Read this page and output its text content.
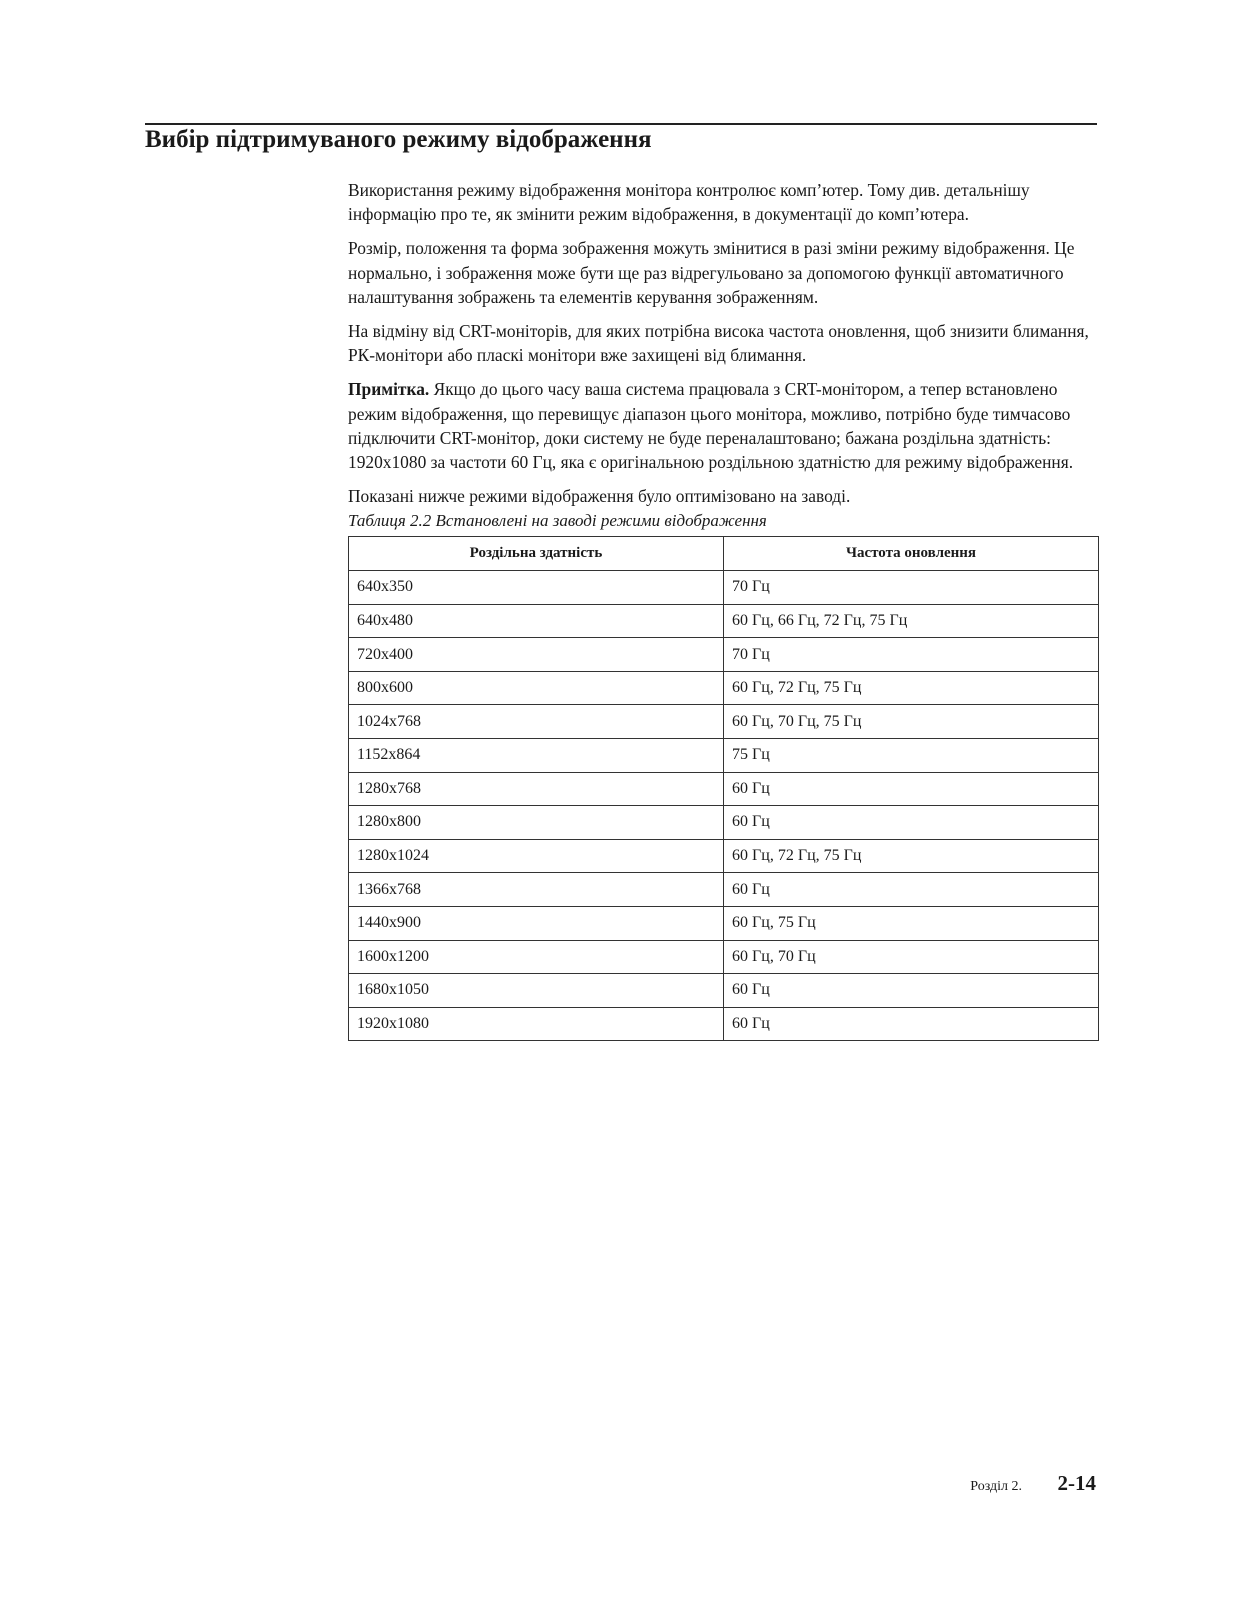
Вибір підтримуваного режиму відображення

Використання режиму відображення монітора контролює комп’ютер. Тому див. детальнішу інформацію про те, як змінити режим відображення, в документації до комп’ютера.

Розмір, положення та форма зображення можуть змінитися в разі зміни режиму відображення. Це нормально, і зображення може бути ще раз відрегульовано за допомогою функції автоматичного налаштування зображень та елементів керування зображенням.

На відміну від CRT-моніторів, для яких потрібна висока частота оновлення, щоб знизити блимання, РК-монітори або пласкі монітори вже захищені від блимання.

Примітка. Якщо до цього часу ваша система працювала з CRT-монітором, а тепер встановлено режим відображення, що перевищує діапазон цього монітора, можливо, потрібно буде тимчасово підключити CRT-монітор, доки систему не буде переналаштовано; бажана роздільна здатність: 1920x1080 за частоти 60 Гц, яка є оригінальною роздільною здатністю для режиму відображення.

Показані нижче режими відображення було оптимізовано на заводі.

Таблиця 2.2 Встановлені на заводі режими відображення

Роздільна здатність	Частота оновлення
640x350	70 Гц
640x480	60 Гц, 66 Гц, 72 Гц, 75 Гц
720x400	70 Гц
800x600	60 Гц, 72 Гц, 75 Гц
1024x768	60 Гц, 70 Гц, 75 Гц
1152x864	75 Гц
1280x768	60 Гц
1280x800	60 Гц
1280x1024	60 Гц, 72 Гц, 75 Гц
1366x768	60 Гц
1440x900	60 Гц, 75 Гц
1600x1200	60 Гц, 70 Гц
1680x1050	60 Гц
1920x1080	60 Гц
Розділ 2. 2-14
